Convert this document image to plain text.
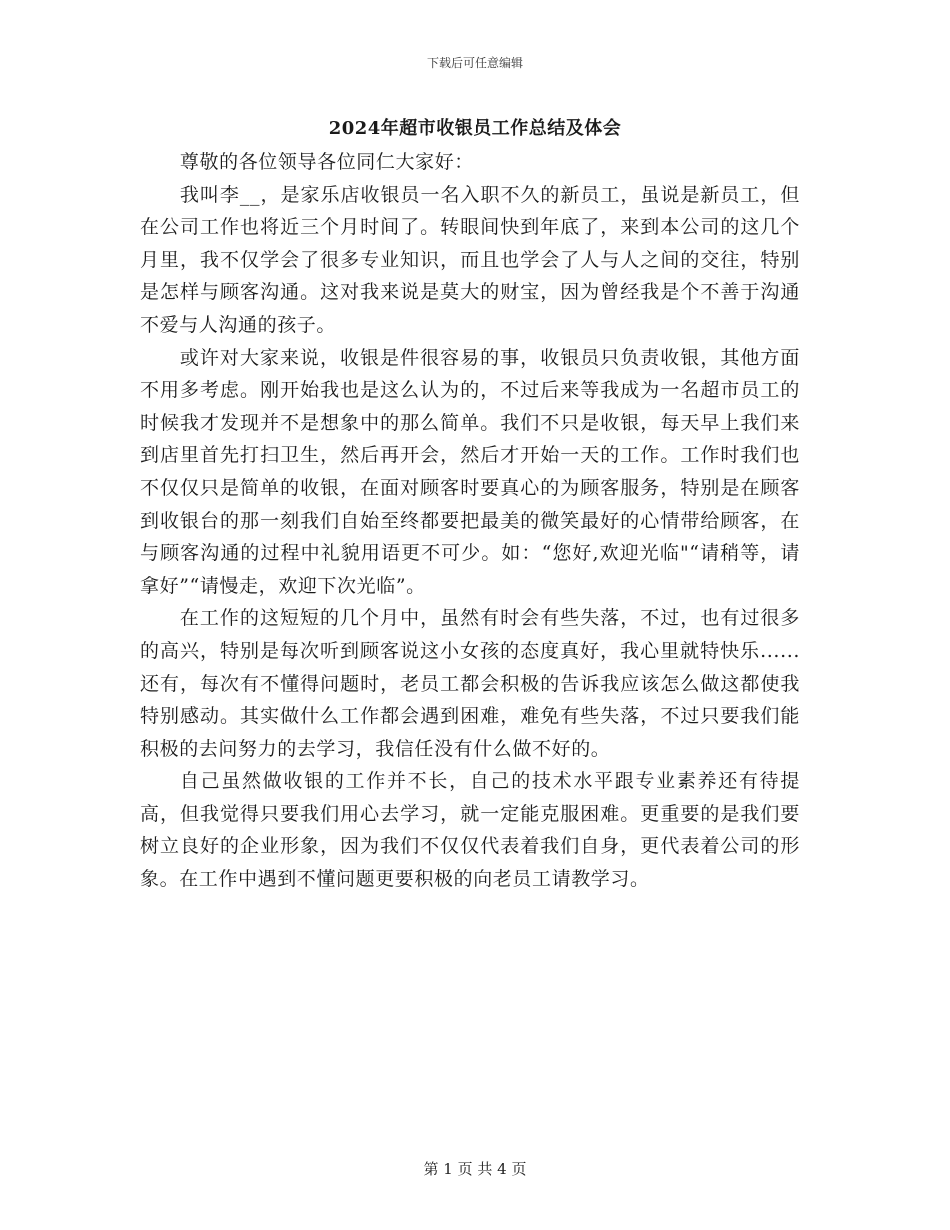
下载后可任意编辑
2024年超市收银员工作总结及体会

尊敬的各位领导各位同仁大家好：

我叫李__，是家乐店收银员一名入职不久的新员工，虽说是新员工，但在公司工作也将近三个月时间了。转眼间快到年底了，来到本公司的这几个月里，我不仅学会了很多专业知识，而且也学会了人与人之间的交往，特别是怎样与顾客沟通。这对我来说是莫大的财宝，因为曾经我是个不善于沟通不爱与人沟通的孩子。

或许对大家来说，收银是件很容易的事，收银员只负责收银，其他方面不用多考虑。刚开始我也是这么认为的，不过后来等我成为一名超市员工的时候我才发现并不是想象中的那么简单。我们不只是收银，每天早上我们来到店里首先打扫卫生，然后再开会，然后才开始一天的工作。工作时我们也不仅仅只是简单的收银，在面对顾客时要真心的为顾客服务，特别是在顾客到收银台的那一刻我们自始至终都要把最美的微笑最好的心情带给顾客，在与顾客沟通的过程中礼貌用语更不可少。如：“您好,欢迎光临"“请稍等，请拿好”“请慢走，欢迎下次光临”。

在工作的这短短的几个月中，虽然有时会有些失落，不过，也有过很多的高兴，特别是每次听到顾客说这小女孩的态度真好，我心里就特快乐......还有，每次有不懂得问题时，老员工都会积极的告诉我应该怎么做这都使我特别感动。其实做什么工作都会遇到困难，难免有些失落，不过只要我们能积极的去问努力的去学习，我信任没有什么做不好的。

自己虽然做收银的工作并不长，自己的技术水平跟专业素养还有待提高，但我觉得只要我们用心去学习，就一定能克服困难。更重要的是我们要树立良好的企业形象，因为我们不仅仅代表着我们自身，更代表着公司的形象。在工作中遇到不懂问题更要积极的向老员工请教学习。

第 1 页 共 4 页
